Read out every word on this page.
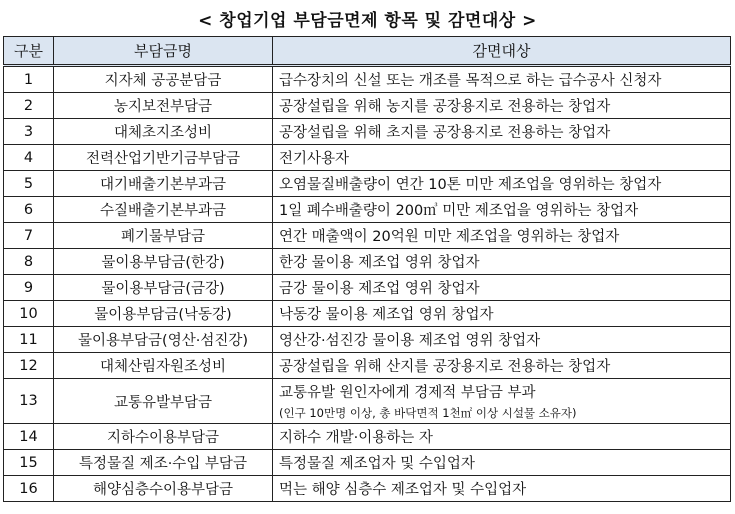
< 창업기업 부담금면제 항목 및 감면대상 >
구분	부담금명	감면대상
1	지자체 공공분담금	급수장치의 신설 또는 개조를 목적으로 하는 급수공사 신청자
2	농지보전부담금	공장설립을 위해 농지를 공장용지로 전용하는 창업자
3	대체초지조성비	공장설립을 위해 초지를 공장용지로 전용하는 창업자
4	전력산업기반기금부담금	전기사용자
5	대기배출기본부과금	오염물질배출량이 연간 10톤 미만 제조업을 영위하는 창업자
6	수질배출기본부과금	1일 폐수배출량이 200㎥ 미만 제조업을 영위하는 창업자
7	폐기물부담금	연간 매출액이 20억원 미만 제조업을 영위하는 창업자
8	물이용부담금(한강)	한강 물이용 제조업 영위 창업자
9	물이용부담금(금강)	금강 물이용 제조업 영위 창업자
10	물이용부담금(낙동강)	낙동강 물이용 제조업 영위 창업자
11	물이용부담금(영산·섬진강)	영산강·섬진강 물이용 제조업 영위 창업자
12	대체산림자원조성비	공장설립을 위해 산지를 공장용지로 전용하는 창업자
13	교통유발부담금	교통유발 원인자에게 경제적 부담금 부과
(인구 10만명 이상, 총 바닥면적 1천㎡ 이상 시설물 소유자)

14	지하수이용부담금	지하수 개발·이용하는 자
15	특정물질 제조·수입 부담금	특정물질 제조업자 및 수입업자
16	해양심층수이용부담금	먹는 해양 심층수 제조업자 및 수입업자
